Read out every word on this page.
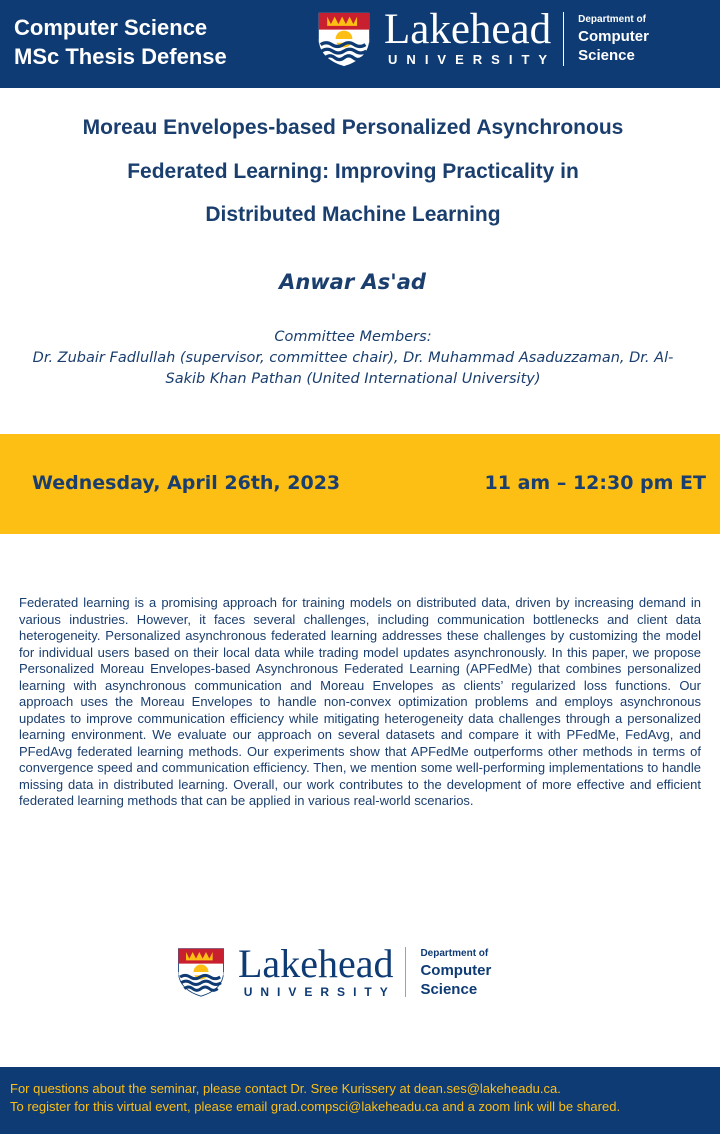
Computer Science
MSc Thesis Defense
Lakehead
UNIVERSITY
Department of
Computer
Science
Moreau Envelopes-based Personalized Asynchronous
Federated Learning: Improving Practicality in
Distributed Machine Learning
Anwar As'ad
Committee Members:
Dr. Zubair Fadlullah (supervisor, committee chair), Dr. Muhammad Asaduzzaman, Dr. Al-Sakib Khan Pathan (United International University)
Wednesday, April 26th, 2023	11 am – 12:30 pm ET

Federated learning is a promising approach for training models on distributed data, driven by increasing demand in various industries. However, it faces several challenges, including communication bottlenecks and client data heterogeneity. Personalized asynchronous federated learning addresses these challenges by customizing the model for individual users based on their local data while trading model updates asynchronously. In this paper, we propose Personalized Moreau Envelopes-based Asynchronous Federated Learning (APFedMe) that combines personalized learning with asynchronous communication and Moreau Envelopes as clients’ regularized loss functions. Our approach uses the Moreau Envelopes to handle non-convex optimization problems and employs asynchronous updates to improve communication efficiency while mitigating heterogeneity data challenges through a personalized learning environment. We evaluate our approach on several datasets and compare it with PFedMe, FedAvg, and PFedAvg federated learning methods. Our experiments show that APFedMe outperforms other methods in terms of convergence speed and communication efficiency. Then, we mention some well-performing implementations to handle missing data in distributed learning. Overall, our work contributes to the development of more effective and efficient federated learning methods that can be applied in various real-world scenarios.

Lakehead
UNIVERSITY
Department of
Computer
Science
For questions about the seminar, please contact Dr. Sree Kurissery at dean.ses@lakeheadu.ca.
To register for this virtual event, please email grad.compsci@lakeheadu.ca and a zoom link will be shared.
